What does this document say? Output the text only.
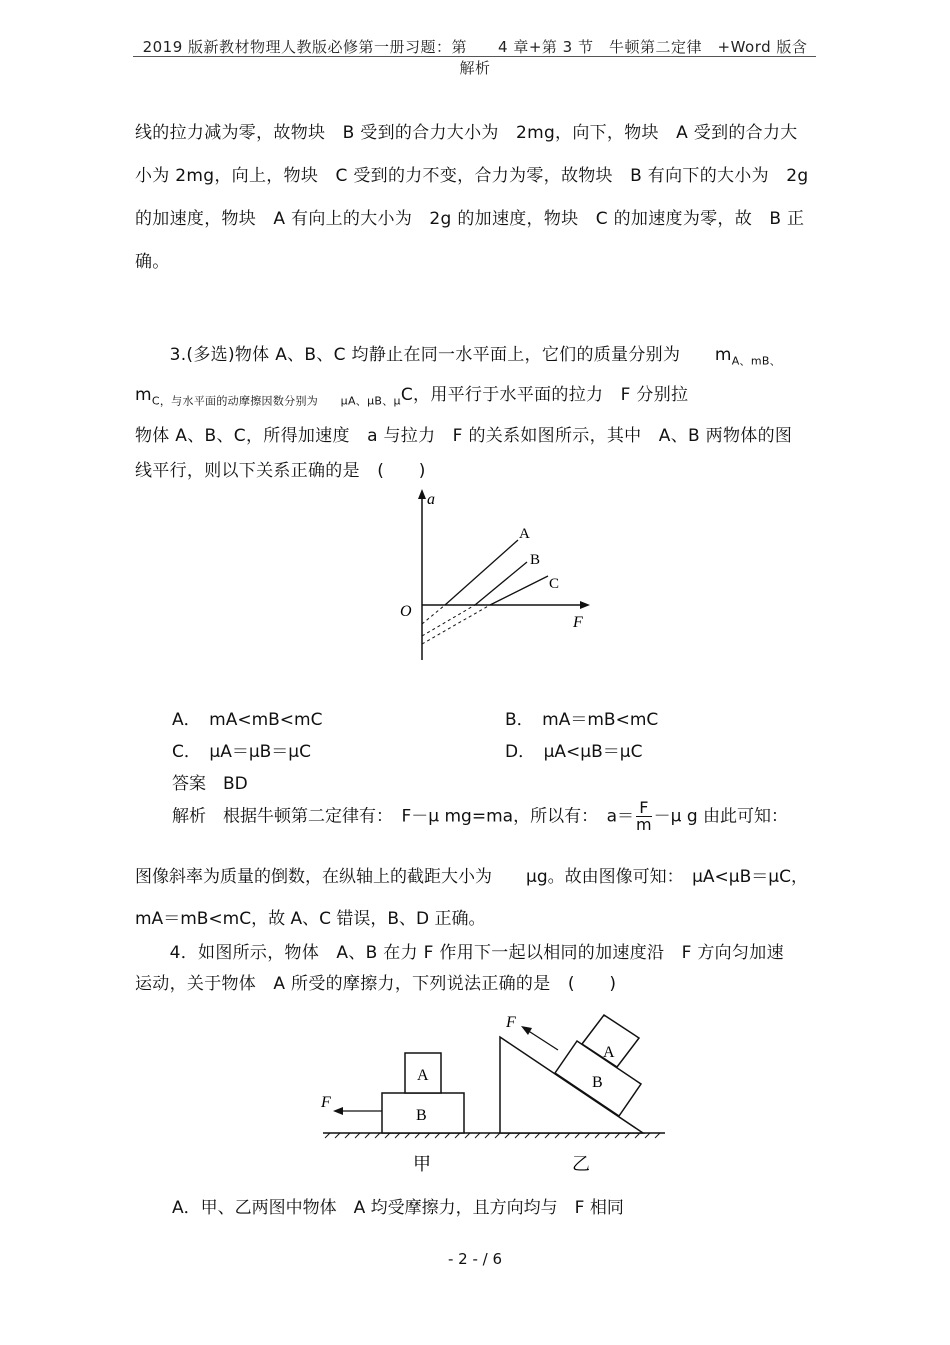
2019 版新教材物理人教版必修第一册习题：第　　4 章+第 3 节　牛顿第二定律　+Word 版含解析
线的拉力减为零，故物块　B 受到的合力大小为　2mg，向下，物块　A 受到的合力大
小为 2mg，向上，物块　C 受到的力不变，合力为零，故物块　B 有向下的大小为　2g
的加速度，物块　A 有向上的大小为　2g 的加速度，物块　C 的加速度为零，故　B 正
确。
　　3.(多选)物体 A、B、C 均静止在同一水平面上，它们的质量分别为　　$m_{A、mB、}$
$m_{C,与水平面的动摩擦因数分别为 \mu A、\mu B、\mu}C$，用平行于水平面的拉力　F 分别拉
物体 A、B、C，所得加速度　a 与拉力　F 的关系如图所示，其中　A、B 两物体的图
线平行，则以下关系正确的是　(　　)
a
F
O
A
B
C
A．　 mA<mB<mC	B．　 mA＝mB<mC
C．　 μA＝μB＝μC	D．　 μA<μB＝μC
答案　BD
解析　根据牛顿第二定律有：　F－μ mg=ma，所以有：　$a= \frac{F}{m} -\mu$ g 由此可知：
图像斜率为质量的倒数，在纵轴上的截距大小为　　μg。故由图像可知：　μA<μB＝μC，
mA＝mB<mC，故 A、C 错误，B、D 正确。
　　4．如图所示，物体　A、B 在力 F 作用下一起以相同的加速度沿　F 方向匀加速
运动，关于物体　A 所受的摩擦力，下列说法正确的是　(　　)
A
B
F
甲
A
B
F
乙
A．甲、乙两图中物体　A 均受摩擦力，且方向均与　F 相同
- 2 - / 6
